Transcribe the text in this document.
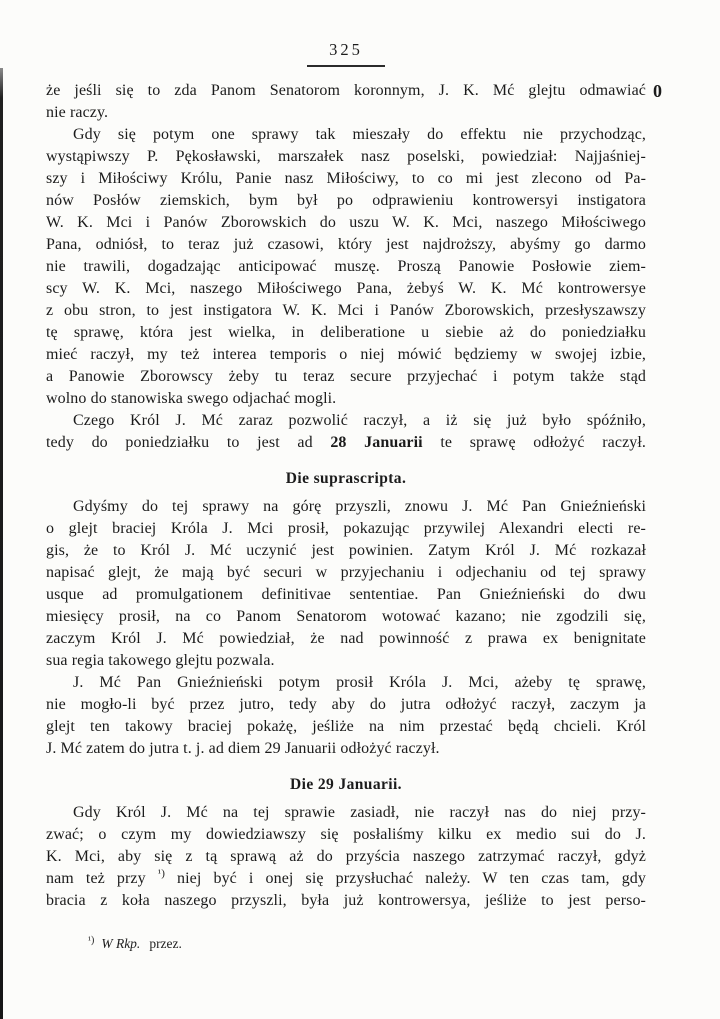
325
0
że jeśli się to zda Panom Senatorom koronnym, J. K. Mć glejtu odmawiać
nie raczy.
Gdy się potym one sprawy tak mieszały do effektu nie przychodząc,
wystąpiwszy P. Pękosławski, marszałek nasz poselski, powiedział: Najjaśniej-
szy i Miłościwy Królu, Panie nasz Miłościwy, to co mi jest zlecono od Pa-
nów Posłów ziemskich, bym był po odprawieniu kontrowersyi instigatora
W. K. Mci i Panów Zborowskich do uszu W. K. Mci, naszego Miłościwego
Pana, odniósł, to teraz już czasowi, który jest najdroższy, abyśmy go darmo
nie trawili, dogadzając anticipować muszę. Proszą Panowie Posłowie ziem-
scy W. K. Mci, naszego Miłościwego Pana, żebyś W. K. Mć kontrowersye
z obu stron, to jest instigatora W. K. Mci i Panów Zborowskich, przesłyszawszy
tę sprawę, która jest wielka, in deliberatione u siebie aż do poniedziałku
mieć raczył, my też interea temporis o niej mówić będziemy w swojej izbie,
a Panowie Zborowscy żeby tu teraz secure przyjechać i potym także stąd
wolno do stanowiska swego odjachać mogli.
Czego Król J. Mć zaraz pozwolić raczył, a iż się już było spóźniło,
tedy do poniedziałku to jest ad 28 Januarii te sprawę odłożyć raczył.
Die suprascripta.
Gdyśmy do tej sprawy na górę przyszli, znowu J. Mć Pan Gnieźnieński
o glejt braciej Króla J. Mci prosił, pokazując przywilej Alexandri electi re-
gis, że to Król J. Mć uczynić jest powinien. Zatym Król J. Mć rozkazał
napisać glejt, że mają być securi w przyjechaniu i odjechaniu od tej sprawy
usque ad promulgationem definitivae sententiae. Pan Gnieźnieński do dwu
miesięcy prosił, na co Panom Senatorom wotować kazano; nie zgodzili się,
zaczym Król J. Mć powiedział, że nad powinność z prawa ex benignitate
sua regia takowego glejtu pozwala.
J. Mć Pan Gnieźnieński potym prosił Króla J. Mci, ażeby tę sprawę,
nie mogło-li być przez jutro, tedy aby do jutra odłożyć raczył, zaczym ja
glejt ten takowy braciej pokażę, jeśliże na nim przestać będą chcieli. Król
J. Mć zatem do jutra t. j. ad diem 29 Januarii odłożyć raczył.
Die 29 Januarii.
Gdy Król J. Mć na tej sprawie zasiadł, nie raczył nas do niej przy-
zwać; o czym my dowiedziawszy się posłaliśmy kilku ex medio sui do J.
K. Mci, aby się z tą sprawą aż do przyścia naszego zatrzymać raczył, gdyż
nam też przy $^{^1)}$ niej być i onej się przysłuchać należy. W ten czas tam, gdy
bracia z koła naszego przyszli, była już kontrowersya, jeśliże to jest perso-
$^{^1)}$ W Rkp. przez.
